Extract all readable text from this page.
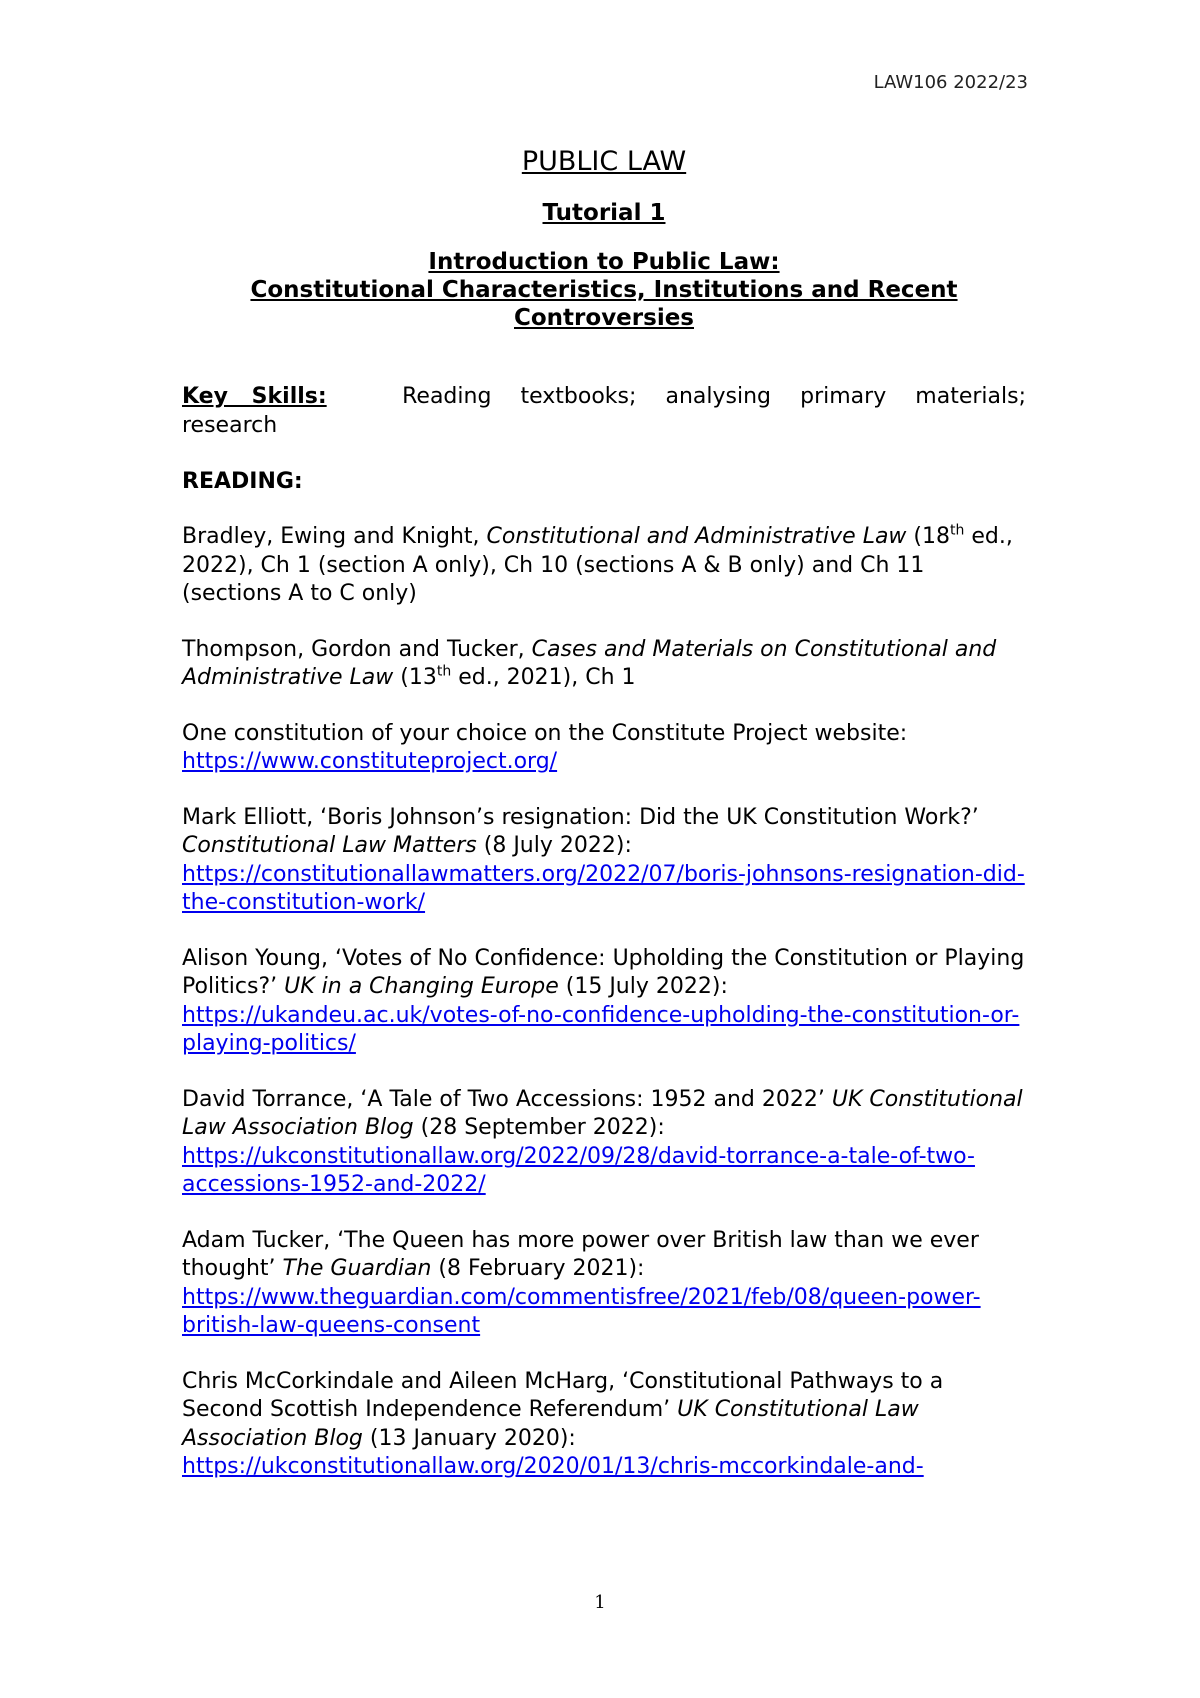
LAW106 2022/23
PUBLIC LAW
Tutorial 1
Introduction to Public Law:
Constitutional Characteristics, Institutions and Recent Controversies
Key Skills:	Reading textbooks; analysing primary materials; research
READING:
Bradley, Ewing and Knight, Constitutional and Administrative Law (18th ed., 2022), Ch 1 (section A only), Ch 10 (sections A & B only) and Ch 11 (sections A to C only)
Thompson, Gordon and Tucker, Cases and Materials on Constitutional and Administrative Law (13th ed., 2021), Ch 1
One constitution of your choice on the Constitute Project website:
https://www.constituteproject.org/
Mark Elliott, ‘Boris Johnson’s resignation: Did the UK Constitution Work?’ Constitutional Law Matters (8 July 2022):
https://constitutionallawmatters.org/2022/07/boris-johnsons-resignation-did-the-constitution-work/
Alison Young, ‘Votes of No Confidence: Upholding the Constitution or Playing Politics?’ UK in a Changing Europe (15 July 2022):
https://ukandeu.ac.uk/votes-of-no-confidence-upholding-the-constitution-or-playing-politics/
David Torrance, ‘A Tale of Two Accessions: 1952 and 2022’ UK Constitutional Law Association Blog (28 September 2022):
https://ukconstitutionallaw.org/2022/09/28/david-torrance-a-tale-of-two-accessions-1952-and-2022/
Adam Tucker, ‘The Queen has more power over British law than we ever thought’ The Guardian (8 February 2021):
https://www.theguardian.com/commentisfree/2021/feb/08/queen-power-british-law-queens-consent
Chris McCorkindale and Aileen McHarg, ‘Constitutional Pathways to a Second Scottish Independence Referendum’ UK Constitutional Law Association Blog (13 January 2020):
https://ukconstitutionallaw.org/2020/01/13/chris-mccorkindale-and-
1
